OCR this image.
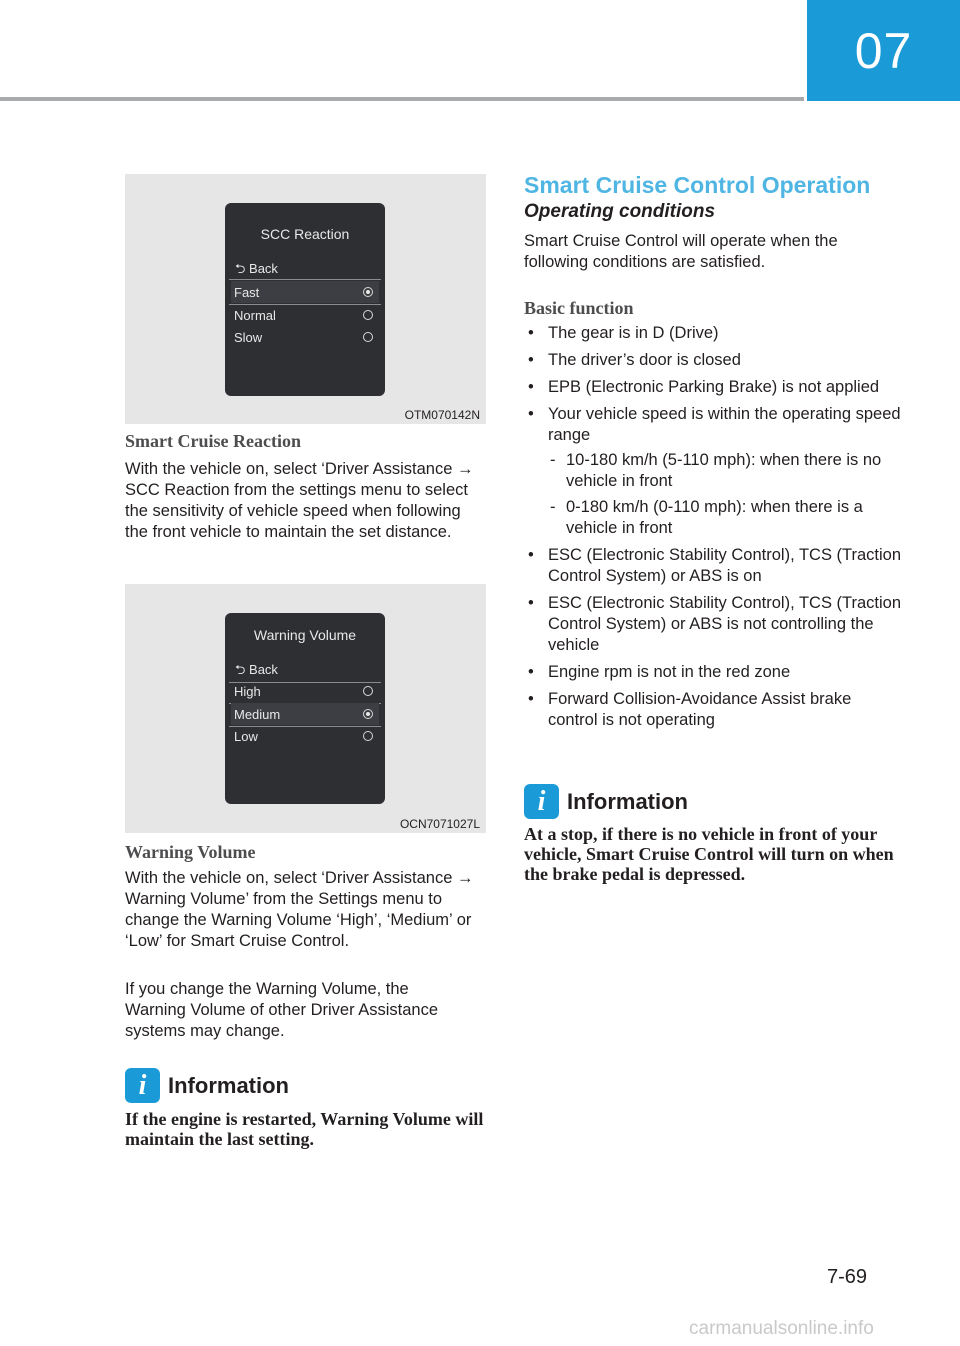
07
SCC Reaction
⮌ Back
Fast
Normal
Slow
OTM070142N
Smart Cruise Reaction
With the vehicle on, select ‘Driver Assistance → SCC Reaction from the settings menu to select the sensitivity of vehicle speed when following the front vehicle to maintain the set distance.
Warning Volume
⮌ Back
High
Medium
Low
OCN7071027L
Warning Volume
With the vehicle on, select ‘Driver Assistance → Warning Volume’ from the Settings menu to change the Warning Volume ‘High’, ‘Medium’ or ‘Low’ for Smart Cruise Control.
If you change the Warning Volume, the Warning Volume of other Driver Assistance systems may change.
i Information
If the engine is restarted, Warning Volume will maintain the last setting.
Smart Cruise Control Operation
Operating conditions
Smart Cruise Control will operate when the following conditions are satisfied.
Basic function
• The gear is in D (Drive)
• The driver’s door is closed
• EPB (Electronic Parking Brake) is not applied
• Your vehicle speed is within the operating speed range
- 10-180 km/h (5-110 mph): when there is no vehicle in front
- 0-180 km/h (0-110 mph): when there is a vehicle in front
• ESC (Electronic Stability Control), TCS (Traction Control System) or ABS is on
• ESC (Electronic Stability Control), TCS (Traction Control System) or ABS is not controlling the vehicle
• Engine rpm is not in the red zone
• Forward Collision-Avoidance Assist brake control is not operating
i Information
At a stop, if there is no vehicle in front of your vehicle, Smart Cruise Control will turn on when the brake pedal is depressed.
7-69
carmanualsonline.info
